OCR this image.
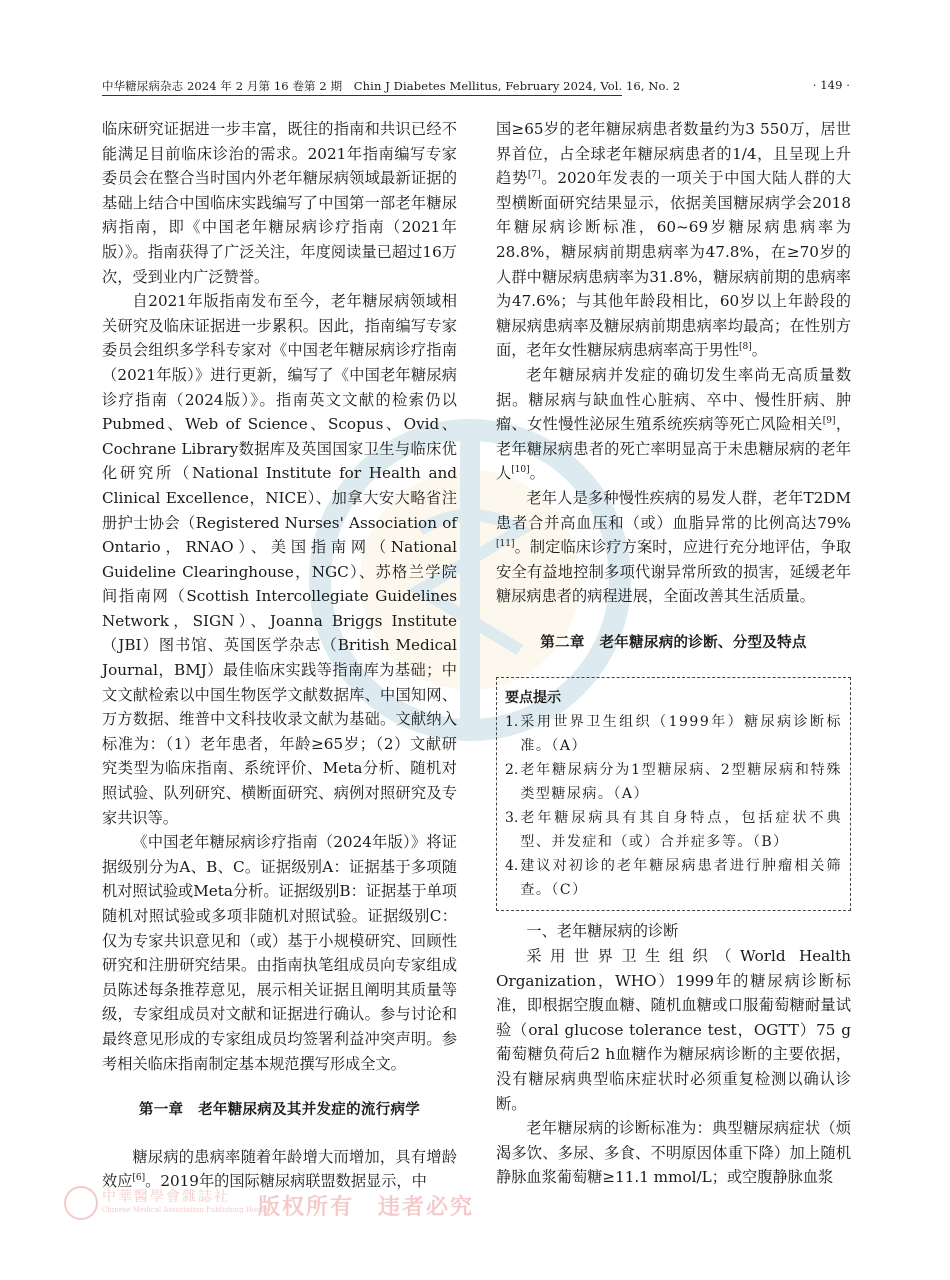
中华糖尿病杂志 2024 年 2 月第 16 卷第 2 期　Chin J Diabetes Mellitus, February 2024, Vol. 16, No. 2	· 149 ·

临床研究证据进一步丰富，既往的指南和共识已经不能满足目前临床诊治的需求。2021年指南编写专家委员会在整合当时国内外老年糖尿病领域最新证据的基础上结合中国临床实践编写了中国第一部老年糖尿病指南，即《中国老年糖尿病诊疗指南（2021年版）》。指南获得了广泛关注，年度阅读量已超过16万次，受到业内广泛赞誉。

自2021年版指南发布至今，老年糖尿病领域相关研究及临床证据进一步累积。因此，指南编写专家委员会组织多学科专家对《中国老年糖尿病诊疗指南（2021年版）》进行更新，编写了《中国老年糖尿病诊疗指南（2024版）》。指南英文文献的检索仍以Pubmed、Web of Science、Scopus、Ovid、Cochrane Library数据库及英国国家卫生与临床优化研究所（National Institute for Health and Clinical Excellence，NICE）、加拿大安大略省注册护士协会（Registered Nurses' Association of Ontario，RNAO）、美国指南网（National Guideline Clearinghouse，NGC）、苏格兰学院间指南网（Scottish Intercollegiate Guidelines Network，SIGN）、Joanna Briggs Institute（JBI）图书馆、英国医学杂志（British Medical Journal，BMJ）最佳临床实践等指南库为基础；中文文献检索以中国生物医学文献数据库、中国知网、万方数据、维普中文科技收录文献为基础。文献纳入标准为：（1）老年患者，年龄≥65岁；（2）文献研究类型为临床指南、系统评价、Meta分析、随机对照试验、队列研究、横断面研究、病例对照研究及专家共识等。

《中国老年糖尿病诊疗指南（2024年版）》将证据级别分为A、B、C。证据级别A：证据基于多项随机对照试验或Meta分析。证据级别B：证据基于单项随机对照试验或多项非随机对照试验。证据级别C：仅为专家共识意见和（或）基于小规模研究、回顾性研究和注册研究结果。由指南执笔组成员向专家组成员陈述每条推荐意见，展示相关证据且阐明其质量等级，专家组成员对文献和证据进行确认。参与讨论和最终意见形成的专家组成员均签署利益冲突声明。参考相关临床指南制定基本规范撰写形成全文。

第一章　老年糖尿病及其并发症的流行病学

糖尿病的患病率随着年龄增大而增加，具有增龄效应[6]。2019年的国际糖尿病联盟数据显示，中

国≥65岁的老年糖尿病患者数量约为3 550万，居世界首位，占全球老年糖尿病患者的1/4，且呈现上升趋势[7]。2020年发表的一项关于中国大陆人群的大型横断面研究结果显示，依据美国糖尿病学会2018年糖尿病诊断标准，60~69岁糖尿病患病率为28.8%，糖尿病前期患病率为47.8%，在≥70岁的人群中糖尿病患病率为31.8%，糖尿病前期的患病率为47.6%；与其他年龄段相比，60岁以上年龄段的糖尿病患病率及糖尿病前期患病率均最高；在性别方面，老年女性糖尿病患病率高于男性[8]。

老年糖尿病并发症的确切发生率尚无高质量数据。糖尿病与缺血性心脏病、卒中、慢性肝病、肿瘤、女性慢性泌尿生殖系统疾病等死亡风险相关[9]，老年糖尿病患者的死亡率明显高于未患糖尿病的老年人[10]。

老年人是多种慢性疾病的易发人群，老年T2DM患者合并高血压和（或）血脂异常的比例高达79%[11]。制定临床诊疗方案时，应进行充分地评估，争取安全有益地控制多项代谢异常所致的损害，延缓老年糖尿病患者的病程进展，全面改善其生活质量。

第二章　老年糖尿病的诊断、分型及特点
要点提示
1. 采用世界卫生组织（1999年）糖尿病诊断标准。（A）
2. 老年糖尿病分为1型糖尿病、2型糖尿病和特殊类型糖尿病。（A）
3. 老年糖尿病具有其自身特点，包括症状不典型、并发症和（或）合并症多等。（B）
4. 建议对初诊的老年糖尿病患者进行肿瘤相关筛查。（C）

一、老年糖尿病的诊断

采用世界卫生组织（World Health Organization，WHO）1999年的糖尿病诊断标准，即根据空腹血糖、随机血糖或口服葡萄糖耐量试验（oral glucose tolerance test，OGTT）75 g葡萄糖负荷后2 h血糖作为糖尿病诊断的主要依据，没有糖尿病典型临床症状时必须重复检测以确认诊断。

老年糖尿病的诊断标准为：典型糖尿病症状（烦渴多饮、多尿、多食、不明原因体重下降）加上随机静脉血浆葡萄糖≥11.1 mmol/L；或空腹静脉血浆

中華醫學會雜誌社
Chinese Medical Association Publishing House
版权所有　违者必究
